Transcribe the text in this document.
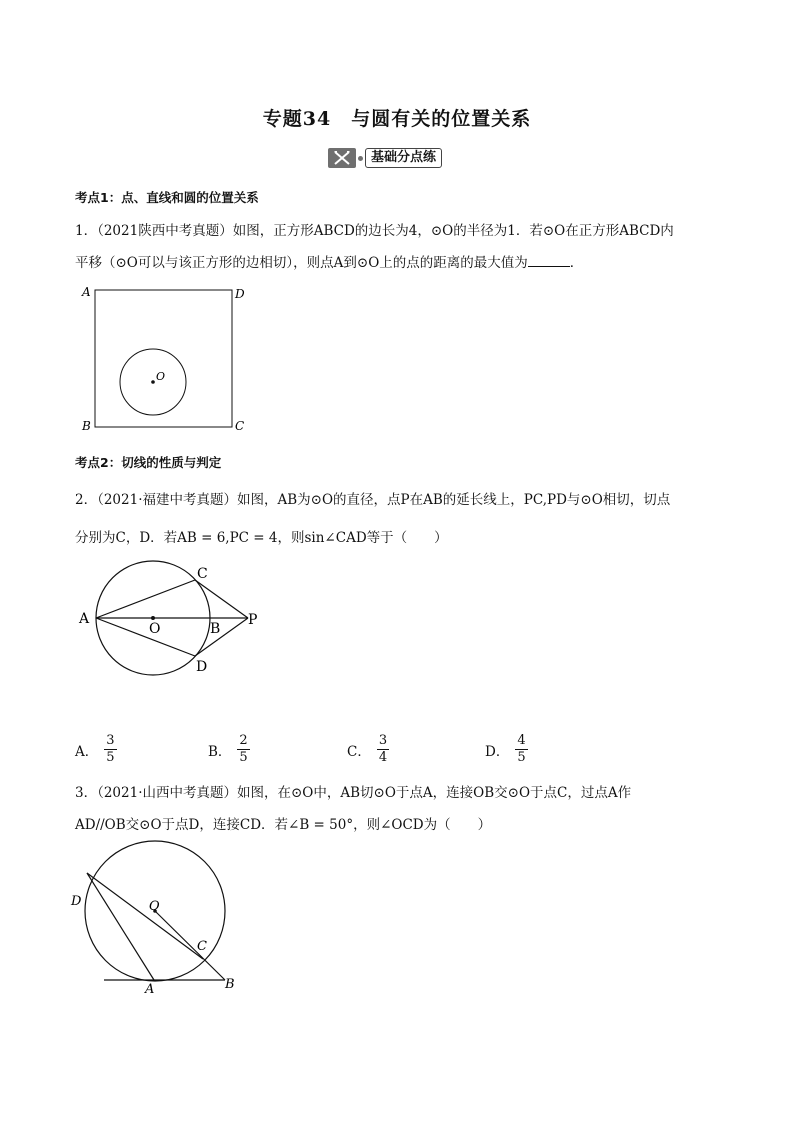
专题34　与圆有关的位置关系
基础分点练
考点1：点、直线和圆的位置关系
1．（2021陕西中考真题）如图，正方形ABCD的边长为4，⊙O的半径为1．若⊙O在正方形ABCD内
平移（⊙O可以与该正方形的边相切），则点A到⊙O上的点的距离的最大值为	．
A	D
B	C
O
考点2：切线的性质与判定
2．（2021·福建中考真题）如图，AB为⊙O的直径，点P在AB的延长线上，PC,PD与⊙O相切，切点
分别为C，D．若AB = 6,PC = 4，则sin∠CAD等于（　　）
A
C
O	B
P
D
A． $\frac{3}{5}$	B． $\frac{2}{5}$	C． $\frac{3}{4}$	D． $\frac{4}{5}$
3．（2021·山西中考真题）如图，在⊙O中，AB切⊙O于点A，连接OB交⊙O于点C，过点A作
AD//OB交⊙O于点D，连接CD．若∠B = 50°，则∠OCD为（　　）
D	O
C
A	B
